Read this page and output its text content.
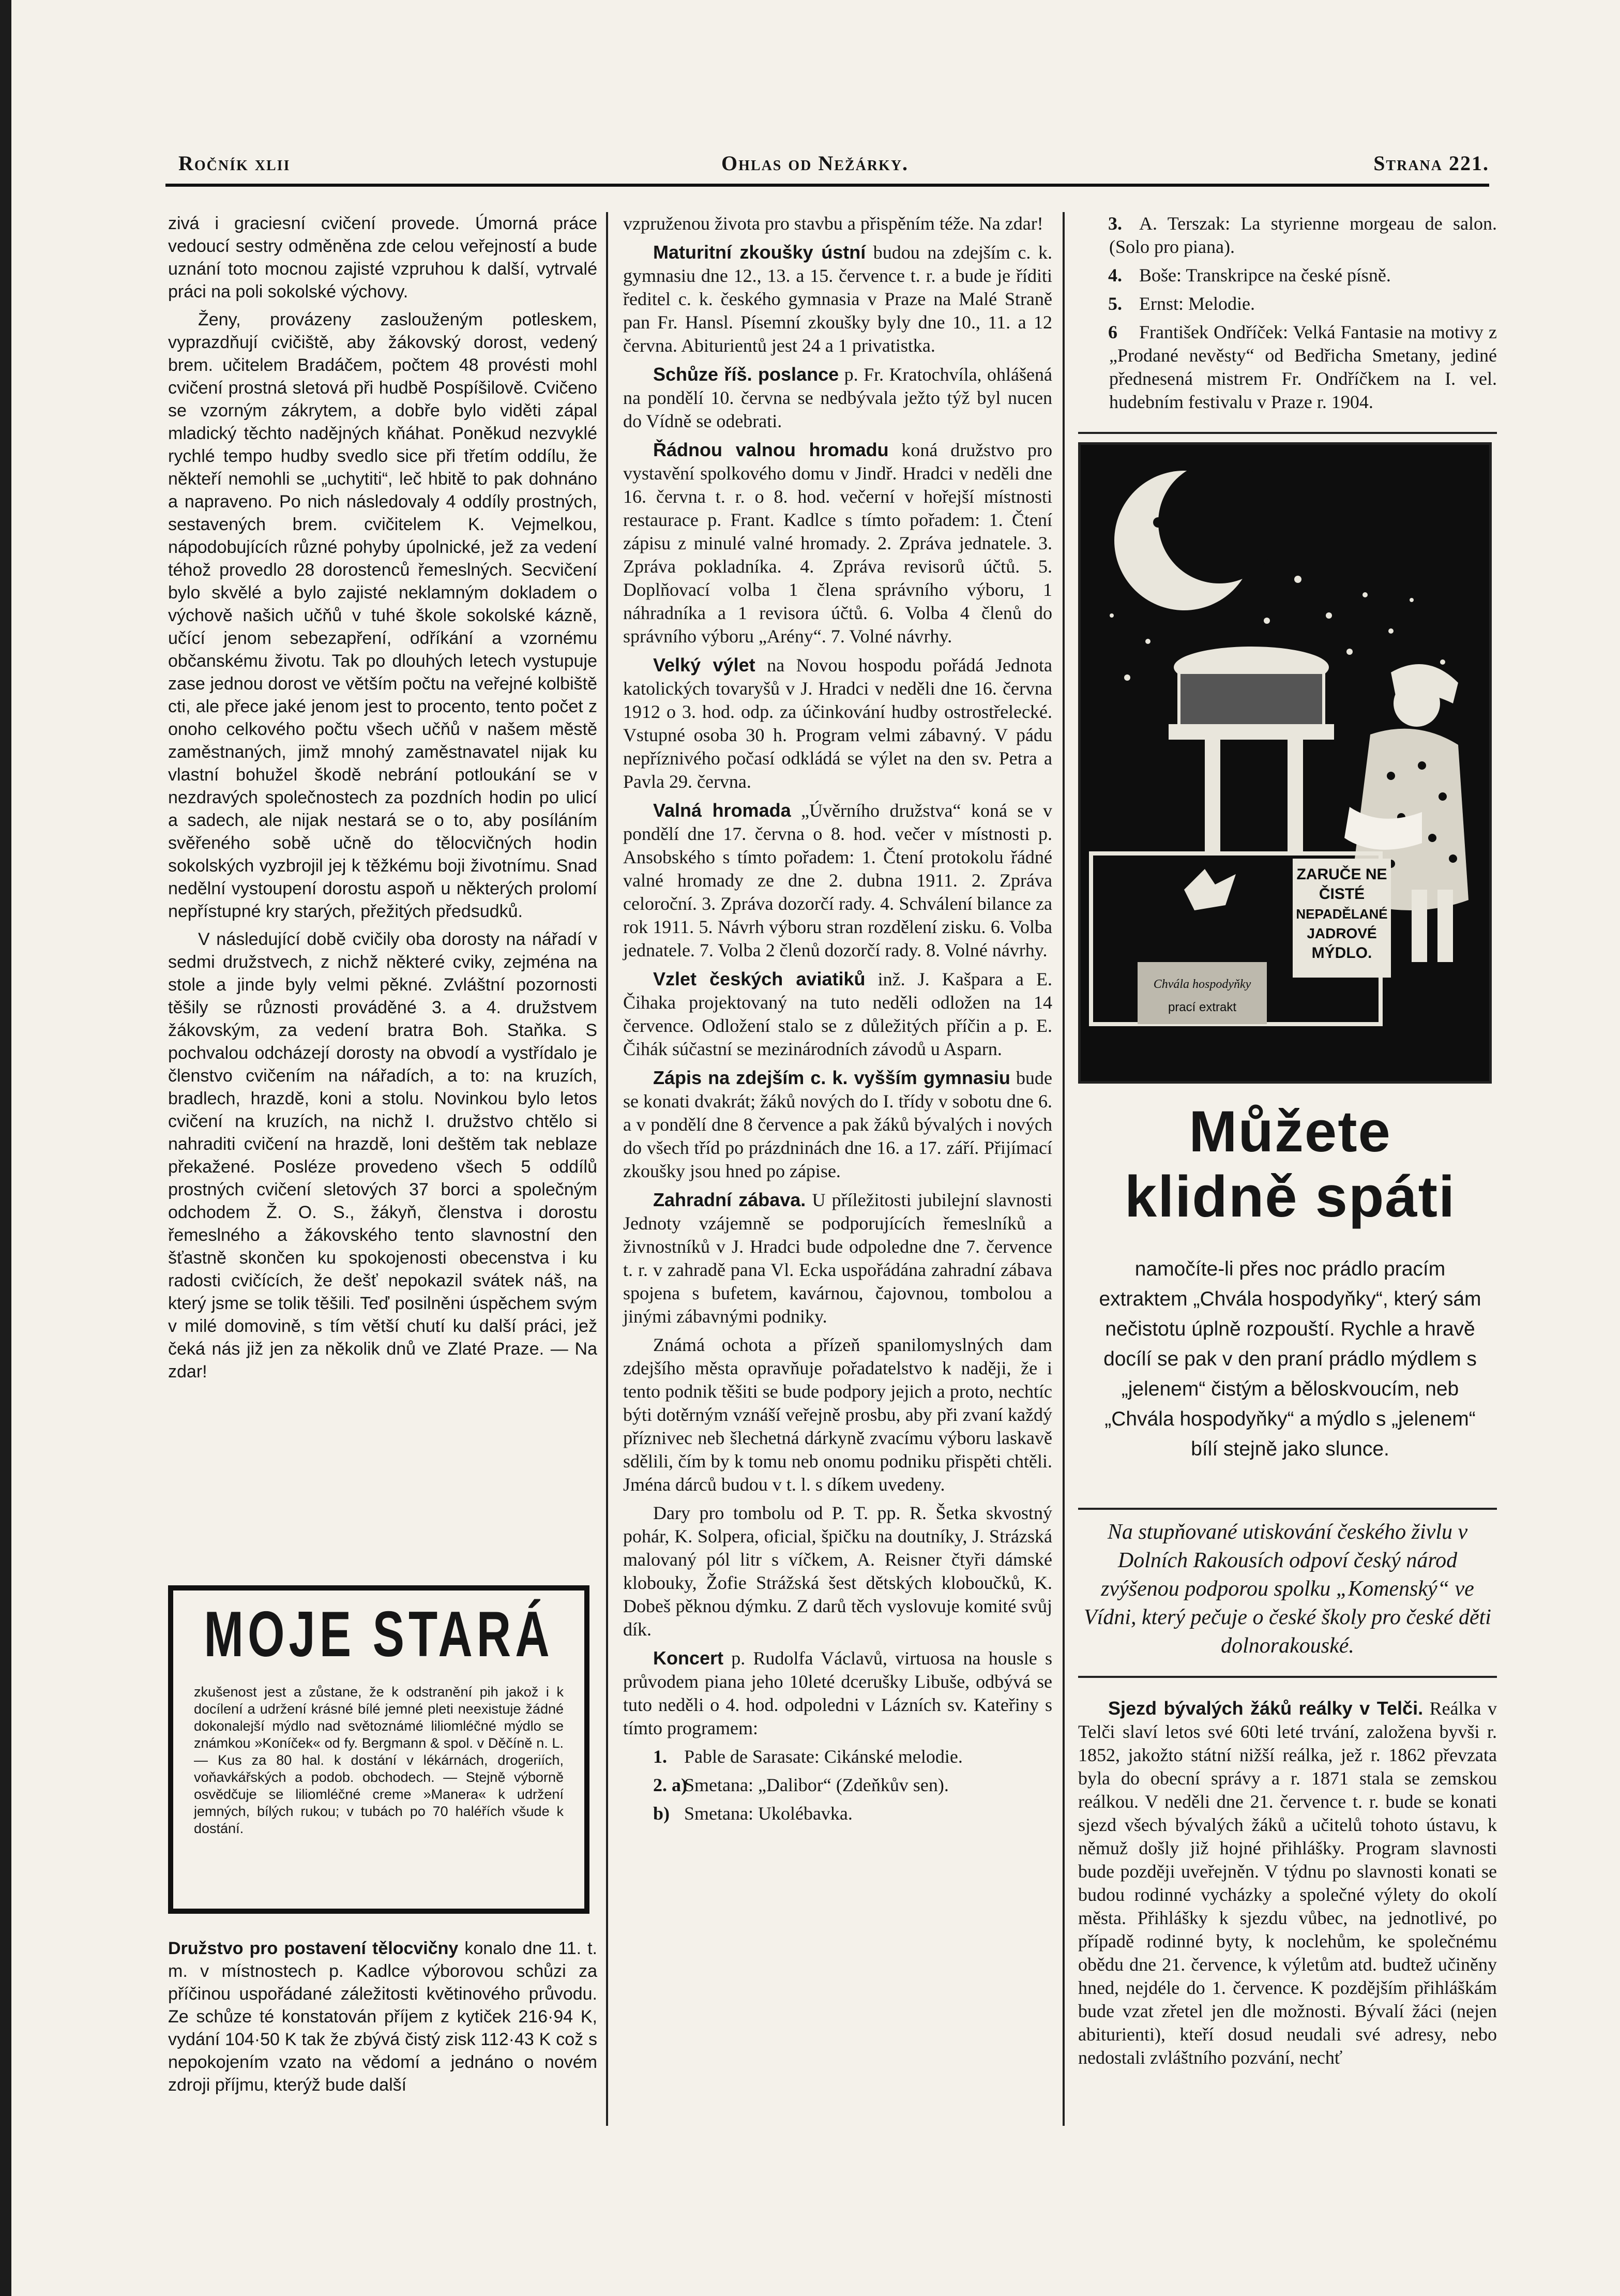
Ročník xlii	Ohlas od Nežárky.	Strana 221.

zivá i graciesní cvičení provede. Úmorná práce vedoucí sestry odměněna zde celou veřejností a bude uznání toto mocnou zajisté vzpruhou k další, vytrvalé práci na poli sokolské výchovy.

Ženy, provázeny zaslouženým potleskem, vyprazdňují cvičiště, aby žákovský dorost, vedený brem. učitelem Bradáčem, počtem 48 provésti mohl cvičení prostná sletová při hudbě Pospíšilově. Cvičeno se vzorným zákrytem, a dobře bylo viděti zápal mladický těchto nadějných kňáhat. Poněkud nezvyklé rychlé tempo hudby svedlo sice při třetím oddílu, že někteří nemohli se „uchytiti“, leč hbitě to pak dohnáno a napraveno. Po nich následovaly 4 oddíly prostných, sestavených brem. cvičitelem K. Vejmelkou, nápodobujících různé pohyby úpolnické, jež za vedení téhož provedlo 28 dorostenců řemeslných. Secvičení bylo skvělé a bylo zajisté neklamným dokladem o výchově našich učňů v tuhé škole sokolské kázně, učící jenom sebezapření, odříkání a vzornému občanskému životu. Tak po dlouhých letech vystupuje zase jednou dorost ve větším počtu na veřejné kolbiště cti, ale přece jaké jenom jest to procento, tento počet z onoho celkového počtu všech učňů v našem městě zaměstnaných, jimž mnohý zaměstnavatel nijak ku vlastní bohužel škodě nebrání potloukání se v nezdravých společnostech za pozdních hodin po ulicí a sadech, ale nijak nestará se o to, aby posíláním svěřeného sobě učně do tělocvičných hodin sokolských vyzbrojil jej k těžkému boji životnímu. Snad nedělní vystoupení dorostu aspoň u některých prolomí nepřístupné kry starých, přežitých předsudků.

V následující době cvičily oba dorosty na nářadí v sedmi družstvech, z nichž některé cviky, zejména na stole a jinde byly velmi pěkné. Zvláštní pozornosti těšily se různosti prováděné 3. a 4. družstvem žákovským, za vedení bratra Boh. Staňka. S pochvalou odcházejí dorosty na obvodí a vystřídalo je členstvo cvičením na nářadích, a to: na kruzích, bradlech, hrazdě, koni a stolu. Novinkou bylo letos cvičení na kruzích, na nichž I. družstvo chtělo si nahraditi cvičení na hrazdě, loni deštěm tak neblaze překažené. Posléze provedeno všech 5 oddílů prostných cvičení sletových 37 borci a společným odchodem Ž. O. S., žákyň, členstva i dorostu řemeslného a žákovského tento slavnostní den šťastně skončen ku spokojenosti obecenstva i ku radosti cvičících, že dešť nepokazil svátek náš, na který jsme se tolik těšili. Teď posilněni úspěchem svým v milé domovině, s tím větší chutí ku další práci, jež čeká nás již jen za několik dnů ve Zlaté Praze. — Na zdar!

MOJE STARÁ
zkušenost jest a zůstane, že k odstranění pih jakož i k docílení a udržení krásné bílé jemné pleti neexistuje žádné dokonalejší mýdlo nad světoznámé liliomléčné mýdlo se známkou »Koníček« od fy. Bergmann & spol. v Děčíně n. L. — Kus za 80 hal. k dostání v lékárnách, drogeriích, voňavkářských a podob. obchodech. — Stejně výborně osvědčuje se liliomléčné creme »Manera« k udržení jemných, bílých rukou; v tubách po 70 haléřích všude k dostání.

Družstvo pro postavení tělocvičny konalo dne 11. t. m. v místnostech p. Kadlce výborovou schůzi za příčinou uspořádané záležitosti květinového průvodu. Ze schůze té konstatován příjem z kytiček 216·94 K, vydání 104·50 K tak že zbývá čistý zisk 112·43 K což s nepokojením vzato na vědomí a jednáno o novém zdroji příjmu, kterýž bude další

vzpruženou života pro stavbu a přispěním téže. Na zdar!

Maturitní zkoušky ústní budou na zdejším c. k. gymnasiu dne 12., 13. a 15. července t. r. a bude je říditi ředitel c. k. českého gymnasia v Praze na Malé Straně pan Fr. Hansl. Písemní zkoušky byly dne 10., 11. a 12 června. Abiturientů jest 24 a 1 privatistka.

Schůze říš. poslance p. Fr. Kratochvíla, ohlášená na pondělí 10. června se nedbývala ježto týž byl nucen do Vídně se odebrati.

Řádnou valnou hromadu koná družstvo pro vystavění spolkového domu v Jindř. Hradci v neděli dne 16. června t. r. o 8. hod. večerní v hořejší místnosti restaurace p. Frant. Kadlce s tímto pořadem: 1. Čtení zápisu z minulé valné hromady. 2. Zpráva jednatele. 3. Zpráva pokladníka. 4. Zpráva revisorů účtů. 5. Doplňovací volba 1 člena správního výboru, 1 náhradníka a 1 revisora účtů. 6. Volba 4 členů do správního výboru „Arény“. 7. Volné návrhy.

Velký výlet na Novou hospodu pořádá Jednota katolických tovaryšů v J. Hradci v neděli dne 16. června 1912 o 3. hod. odp. za účinkování hudby ostrostřelecké. Vstupné osoba 30 h. Program velmi zábavný. V pádu nepříznivého počasí odkládá se výlet na den sv. Petra a Pavla 29. června.

Valná hromada „Úvěrního družstva“ koná se v pondělí dne 17. června o 8. hod. večer v místnosti p. Ansobského s tímto pořadem: 1. Čtení protokolu řádné valné hromady ze dne 2. dubna 1911. 2. Zpráva celoroční. 3. Zpráva dozorčí rady. 4. Schválení bilance za rok 1911. 5. Návrh výboru stran rozdělení zisku. 6. Volba jednatele. 7. Volba 2 členů dozorčí rady. 8. Volné návrhy.

Vzlet českých aviatiků inž. J. Kašpara a E. Čihaka projektovaný na tuto neděli odložen na 14 července. Odložení stalo se z důležitých příčin a p. E. Čihák súčastní se mezinárodních závodů u Asparn.

Zápis na zdejším c. k. vyšším gymnasiu bude se konati dvakrát; žáků nových do I. třídy v sobotu dne 6. a v pondělí dne 8 července a pak žáků bývalých i nových do všech tříd po prázdninách dne 16. a 17. září. Přijímací zkoušky jsou hned po zápise.

Zahradní zábava. U příležitosti jubilejní slavnosti Jednoty vzájemně se podporujících řemeslníků a živnostníků v J. Hradci bude odpoledne dne 7. července t. r. v zahradě pana Vl. Ecka uspořádána zahradní zábava spojena s bufetem, kavárnou, čajovnou, tombolou a jinými zábavnými podniky.

Známá ochota a přízeň spanilomyslných dam zdejšího města opravňuje pořadatelstvo k naději, že i tento podnik těšiti se bude podpory jejich a proto, nechtíc býti dotěrným vznáší veřejně prosbu, aby při zvaní každý příznivec neb šlechetná dárkyně zvacímu výboru laskavě sdělili, čím by k tomu neb onomu podniku přispěti chtěli. Jména dárců budou v t. l. s díkem uvedeny.

Dary pro tombolu od P. T. pp. R. Šetka skvostný pohár, K. Solpera, oficial, špičku na doutníky, J. Strázská malovaný pól litr s víčkem, A. Reisner čtyři dámské klobouky, Žofie Strážská šest dětských kloboučků, K. Dobeš pěknou dýmku. Z darů těch vyslovuje komité svůj dík.

Koncert p. Rudolfa Václavů, virtuosa na housle s průvodem piana jeho 10leté dcerušky Libuše, odbývá se tuto neděli o 4. hod. odpoledni v Lázních sv. Kateřiny s tímto programem:

1. Pable de Sarasate: Cikánské melodie.

2. a)
Smetana: „Dalibor“ (Zdeňkův sen).

b) Smetana: Ukolébavka.

3. A. Terszak: La styrienne morgeau de salon. (Solo pro piana).

4. Boše: Transkripce na české písně.

5. Ernst: Melodie.

6 František Ondříček: Velká Fantasie na motivy z „Prodané nevěsty“ od Bedřicha Smetany, jediné přednesená mistrem Fr. Ondříčkem na I. vel. hudebním festivalu v Praze r. 1904.

ZARUČE NE
ČISTÉ
NEPADĚLANÉ
JADROVÉ
MÝDLO.
Chvála hospodyňky
prací extrakt
Můžete
klidně spáti
namočíte-li přes noc prádlo pracím extraktem „Chvála hospodyňky“, který sám nečistotu úplně rozpouští. Rychle a hravě docílí se pak v den praní prádlo mýdlem s „jelenem“ čistým a běloskvoucím, neb „Chvála hospodyňky“ a mýdlo s „jelenem“ bílí stejně jako slunce.
Na stupňované utiskování českého živlu v Dolních Rakousích odpoví český národ zvýšenou podporou spolku „Komenský“ ve Vídni, který pečuje o české školy pro české děti dolnorakouské.

Sjezd bývalých žáků reálky v Telči. Reálka v Telči slaví letos své 60ti leté trvání, založena byvši r. 1852, jakožto státní nižší reálka, jež r. 1862 převzata byla do obecní správy a r. 1871 stala se zemskou reálkou. V neděli dne 21. července t. r. bude se konati sjezd všech bývalých žáků a učitelů tohoto ústavu, k němuž došly již hojné přihlášky. Program slavnosti bude později uveřejněn. V týdnu po slavnosti konati se budou rodinné vycházky a společné výlety do okolí města. Přihlášky k sjezdu vůbec, na jednotlivé, po případě rodinné byty, k noclehům, ke společnému obědu dne 21. července, k výletům atd. budtež učiněny hned, nejdéle do 1. července. K pozdějším přihláškám bude vzat zřetel jen dle možnosti. Bývalí žáci (nejen abiturienti), kteří dosud neudali své adresy, nebo nedostali zvláštního pozvání, nechť
